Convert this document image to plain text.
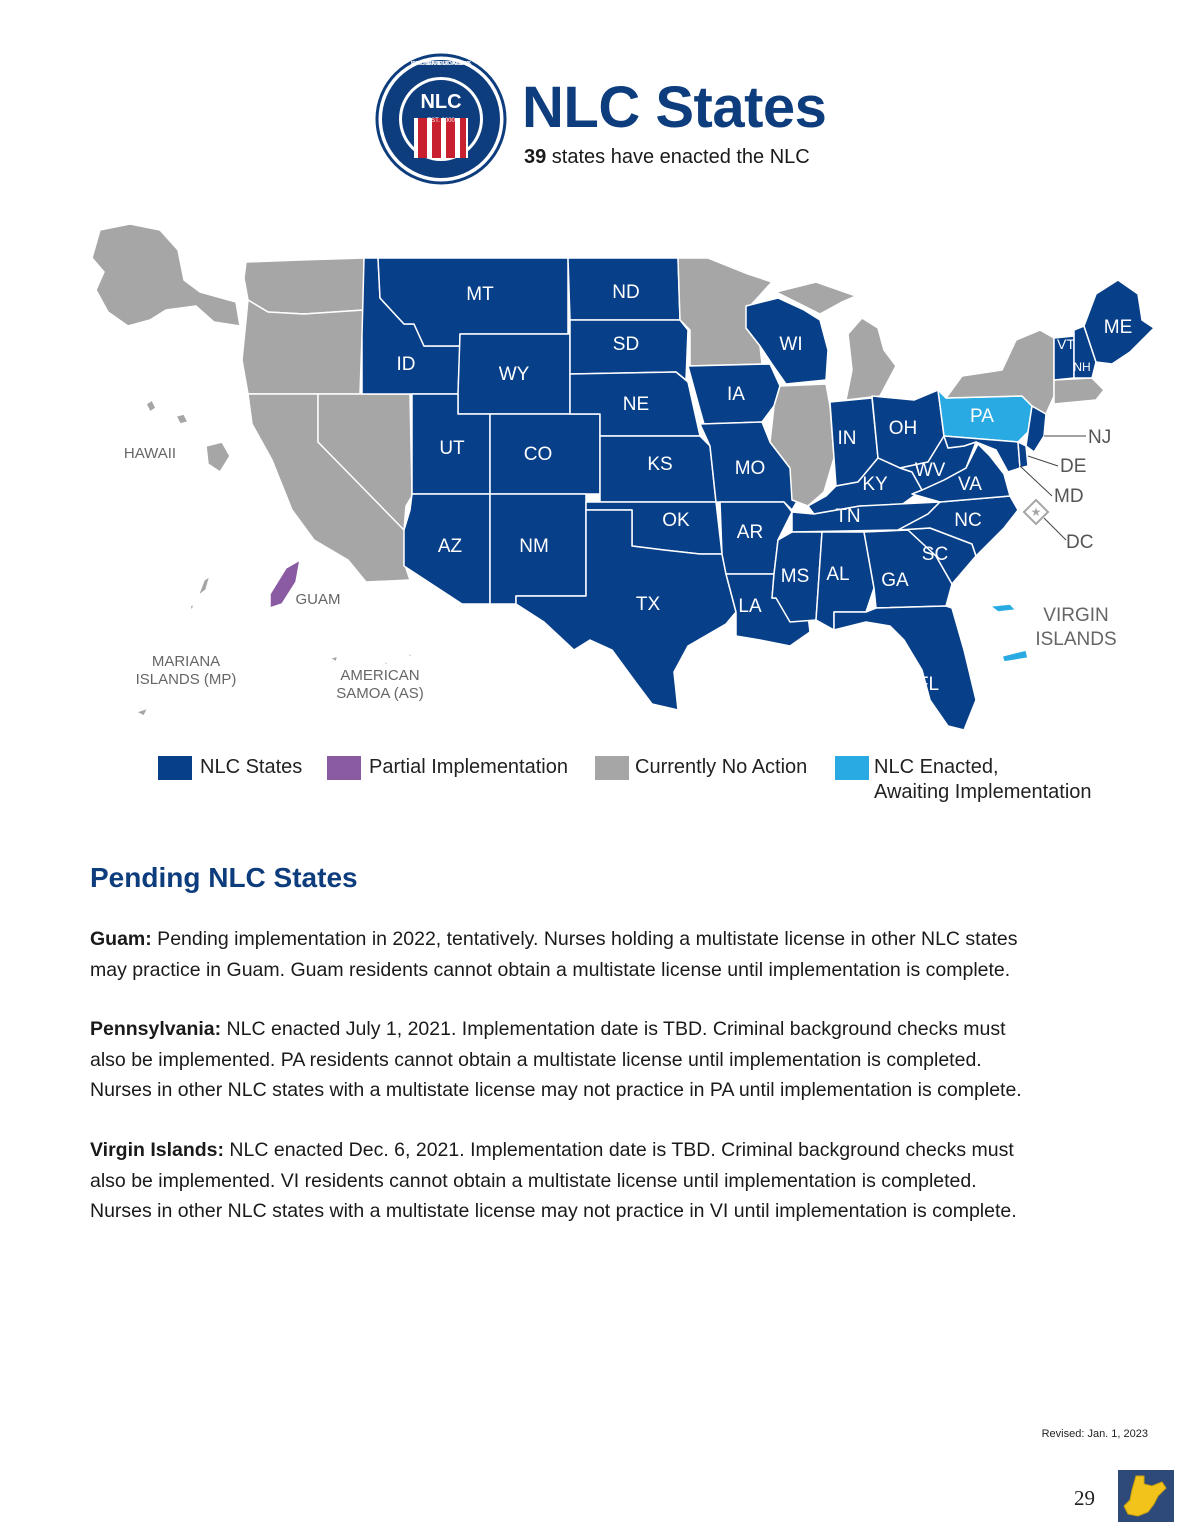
NLC
EST. 2000
INTERSTATE COMMISSION OF NURSE LICENSURE COMPACT ADMINISTRATORS
NLC States
39 states have enacted the NLC
★
MT	ND
SD
WY
ID
NE
UT	CO	KS
AZ	NM
OK
TX
IA
MO
AR
LA
MS AL GA
FL
SC
NC
TN
KY
WV
VA
IN OH
WI
PA
ME
VT
NH
NJ
DE
MD
DC
HAWAII
GUAM
MARIANA
ISLANDS (MP)	AMERICAN
SAMOA (AS)
VIRGIN
ISLANDS
NLC States	Partial Implementation	Currently No Action	NLC Enacted,
Awaiting Implementation
Pending NLC States
Guam: Pending implementation in 2022, tentatively. Nurses holding a multistate license in other NLC states
may practice in Guam. Guam residents cannot obtain a multistate license until implementation is complete.
Pennsylvania: NLC enacted July 1, 2021. Implementation date is TBD. Criminal background checks must
also be implemented. PA residents cannot obtain a multistate license until implementation is completed.
Nurses in other NLC states with a multistate license may not practice in PA until implementation is complete.
Virgin Islands: NLC enacted Dec. 6, 2021. Implementation date is TBD. Criminal background checks must
also be implemented. VI residents cannot obtain a multistate license until implementation is completed.
Nurses in other NLC states with a multistate license may not practice in VI until implementation is complete.
Revised: Jan. 1, 2023
29
